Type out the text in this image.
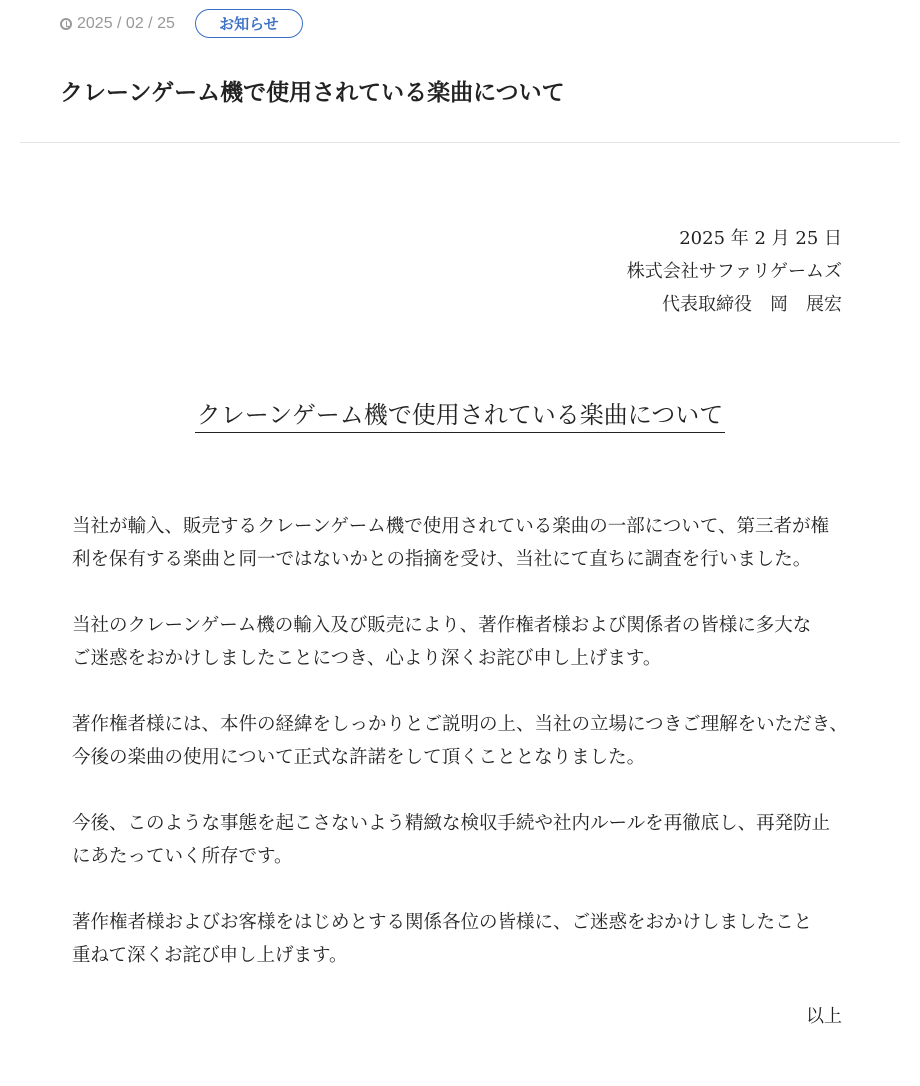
2025 / 02 / 25	お知らせ
クレーンゲーム機で使用されている楽曲について
2025 年 2 月 25 日
株式会社サファリゲームズ
代表取締役　岡　展宏
クレーンゲーム機で使用されている楽曲について
当社が輸入、販売するクレーンゲーム機で使用されている楽曲の一部について、第三者が権
利を保有する楽曲と同一ではないかとの指摘を受け、当社にて直ちに調査を行いました。
当社のクレーンゲーム機の輸入及び販売により、著作権者様および関係者の皆様に多大な
ご迷惑をおかけしましたことにつき、心より深くお詫び申し上げます。
著作権者様には、本件の経緯をしっかりとご説明の上、当社の立場につきご理解をいただき、
今後の楽曲の使用について正式な許諾をして頂くこととなりました。
今後、このような事態を起こさないよう精緻な検収手続や社内ルールを再徹底し、再発防止
にあたっていく所存です。
著作権者様およびお客様をはじめとする関係各位の皆様に、ご迷惑をおかけしましたこと
重ねて深くお詫び申し上げます。
以上
